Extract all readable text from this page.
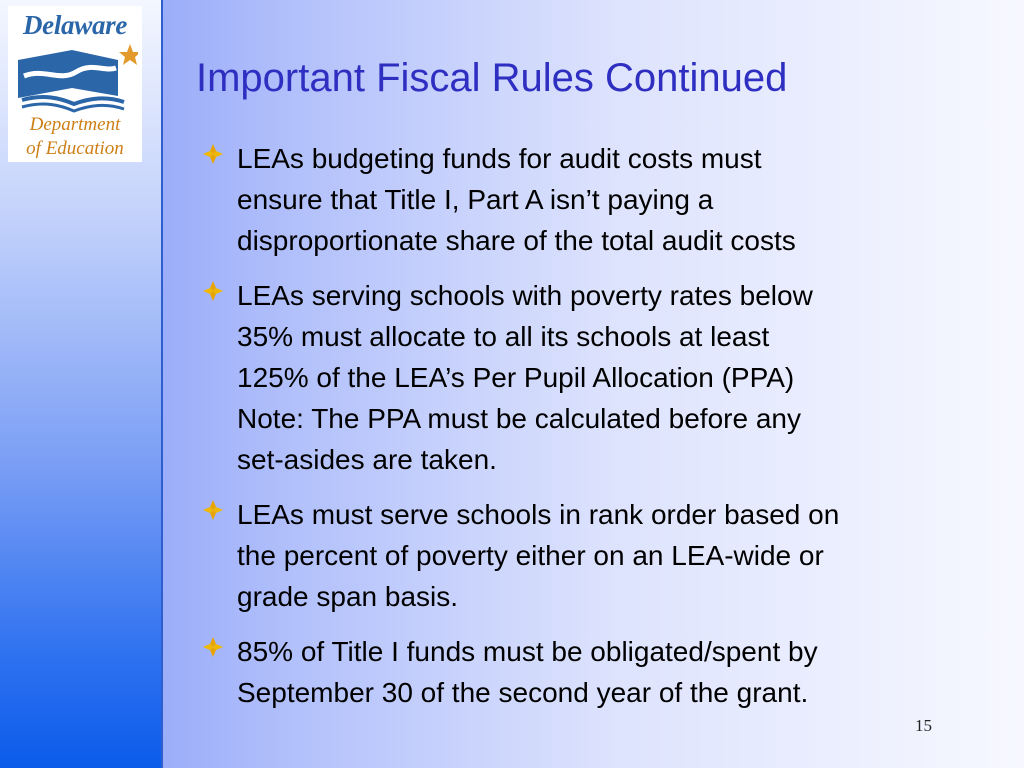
Delaware
Department
of Education
Important Fiscal Rules Continued
LEAs budgeting funds for audit costs must
ensure that Title I, Part A isn’t paying a
disproportionate share of the total audit costs
LEAs serving schools with poverty rates below
35% must allocate to all its schools at least
125% of the LEA’s Per Pupil Allocation (PPA)
Note: The PPA must be calculated before any
set-asides are taken.
LEAs must serve schools in rank order based on
the percent of poverty either on an LEA-wide or
grade span basis.
85% of Title I funds must be obligated/spent by
September 30 of the second year of the grant.
15
